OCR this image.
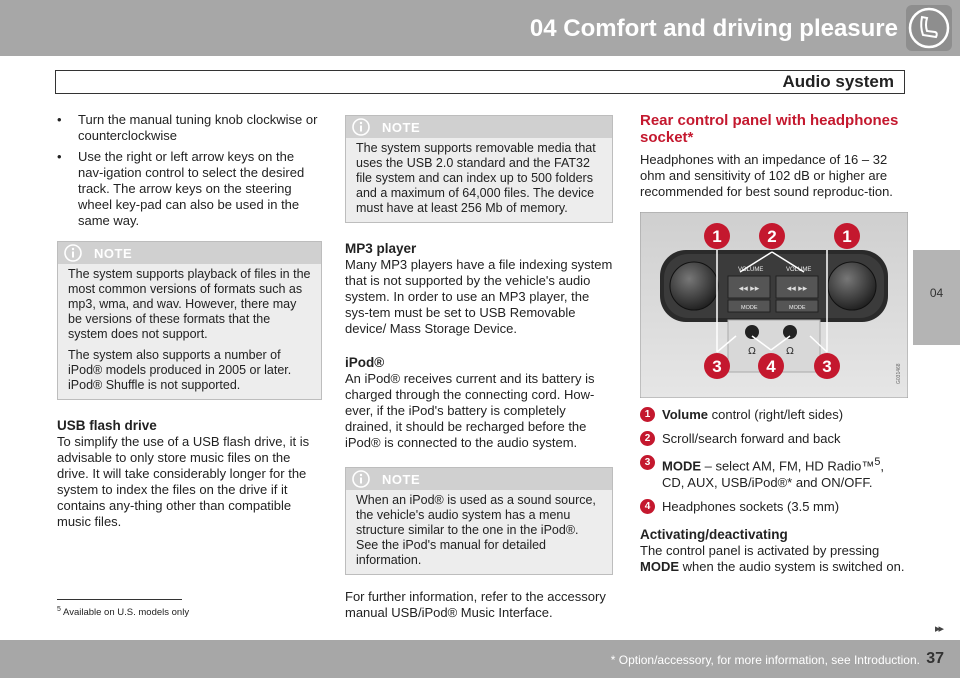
04 Comfort and driving pleasure
Audio system
04
• Turn the manual tuning knob clockwise or counterclockwise
• Use the right or left arrow keys on the nav-igation control to select the desired track. The arrow keys on the steering wheel key-pad can also be used in the same way.
NOTE

The system supports playback of files in the most common versions of formats such as mp3, wma, and wav. However, there may be versions of these formats that the system does not support.

The system also supports a number of iPod® models produced in 2005 or later. iPod® Shuffle is not supported.

USB flash drive

To simplify the use of a USB flash drive, it is advisable to only store music files on the drive. It will take considerably longer for the system to index the files on the drive if it contains any-thing other than compatible music files.

NOTE

The system supports removable media that uses the USB 2.0 standard and the FAT32 file system and can index up to 500 folders and a maximum of 64,000 files. The device must have at least 256 Mb of memory.

MP3 player

Many MP3 players have a file indexing system that is not supported by the vehicle's audio system. In order to use an MP3 player, the sys-tem must be set to USB Removable device/ Mass Storage Device.

iPod®

An iPod® receives current and its battery is charged through the connecting cord. How-ever, if the iPod's battery is completely drained, it should be recharged before the iPod® is connected to the audio system.

NOTE

When an iPod® is used as a sound source, the vehicle's audio system has a menu structure similar to the one in the iPod®. See the iPod's manual for detailed information.

For further information, refer to the accessory manual USB/iPod® Music Interface.

Rear control panel with headphones socket*

Headphones with an impedance of 16 – 32 ohm and sensitivity of 102 dB or higher are recommended for best sound reproduc-tion.

◂◂ ▸▸	◂◂ ▸▸
VOLUME	VOLUME
MODE	MODE
Ω	Ω
1	2	1
3	4	3	G031468
1 Volume control (right/left sides)
2 Scroll/search forward and back
3 MODE – select AM, FM, HD Radio™$^5$, CD, AUX, USB/iPod®* and ON/OFF.
4 Headphones sockets (3.5 mm)
Activating/deactivating

The control panel is activated by pressing MODE when the audio system is switched on.

$^5$ Available on U.S. models only
▸▸
* Option/accessory, for more information, see Introduction. 37
